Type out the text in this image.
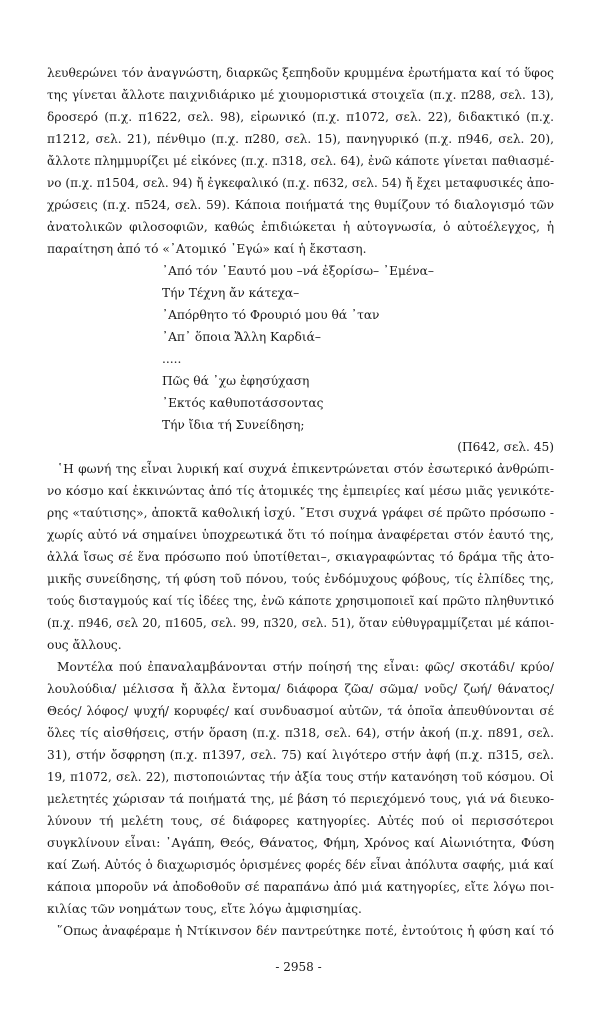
λευθερώνει τόν ἀναγνώστη, διαρκῶς ξεπηδοῦν κρυμμένα ἐρωτήματα καί τό ὕφος
της γίνεται ἄλλοτε παιχνιδιάρικο μέ χιουμοριστικά στοιχεῖα (π.χ. π288, σελ. 13),
δροσερό (π.χ. π1622, σελ. 98), εἰρωνικό (π.χ. π1072, σελ. 22), διδακτικό (π.χ.
π1212, σελ. 21), πένθιμο (π.χ. π280, σελ. 15), πανηγυρικό (π.χ. π946, σελ. 20),
ἄλλοτε πλημμυρίζει μέ εἰκόνες (π.χ. π318, σελ. 64), ἐνῶ κάποτε γίνεται παθιασμέ-
νο (π.χ. π1504, σελ. 94) ἤ ἐγκεφαλικό (π.χ. π632, σελ. 54) ἤ ἔχει μεταφυσικές ἀπο-
χρώσεις (π.χ. π524, σελ. 59). Κάποια ποιήματά της θυμίζουν τό διαλογισμό τῶν
ἀνατολικῶν φιλοσοφιῶν, καθώς ἐπιδιώκεται ἡ αὐτογνωσία, ὁ αὐτοέλεγχος, ἡ
παραίτηση ἀπό τό «᾿Ατομικό ᾿Εγώ» καί ἡ ἔκσταση.
᾿Από τόν ῾Εαυτό μου –νά ἐξορίσω– ᾿Εμένα–
Τήν Τέχνη ἄν κάτεχα–
᾿Απόρθητο τό Φρουριό μου θά ᾿ταν
᾿Απ᾿ ὅποια Ἄλλη Καρδιά–
.....
Πῶς θά ᾿χω ἐφησύχαση
᾿Εκτός καθυποτάσσοντας
Τήν ἴδια τή Συνείδηση;
(Π642, σελ. 45)
῾Η φωνή της εἶναι λυρική καί συχνά ἐπικεντρώνεται στόν ἐσωτερικό ἀνθρώπι-
νο κόσμο καί ἐκκινώντας ἀπό τίς ἀτομικές της ἐμπειρίες καί μέσω μιᾶς γενικότε-
ρης «ταύτισης», ἀποκτᾶ καθολική ἰσχύ. ῎Ετσι συχνά γράφει σέ πρῶτο πρόσωπο -
χωρίς αὐτό νά σημαίνει ὑποχρεωτικά ὅτι τό ποίημα ἀναφέρεται στόν ἑαυτό της,
ἀλλά ἴσως σέ ἕνα πρόσωπο πού ὑποτίθεται–, σκιαγραφώντας τό δράμα τῆς ἀτο-
μικῆς συνείδησης, τή φύση τοῦ πόνου, τούς ἐνδόμυχους φόβους, τίς ἐλπίδες της,
τούς δισταγμούς καί τίς ἰδέες της, ἐνῶ κάποτε χρησιμοποιεῖ καί πρῶτο πληθυντικό
(π.χ. π946, σελ 20, π1605, σελ. 99, π320, σελ. 51), ὅταν εὐθυγραμμίζεται μέ κάποι-
ους ἄλλους.
Μοντέλα πού ἐπαναλαμβάνονται στήν ποίησή της εἶναι: φῶς/ σκοτάδι/ κρύο/
λουλούδια/ μέλισσα ἤ ἄλλα ἔντομα/ διάφορα ζῶα/ σῶμα/ νοῦς/ ζωή/ θάνατος/
Θεός/ λόφος/ ψυχή/ κορυφές/ καί συνδυασμοί αὐτῶν, τά ὁποῖα ἀπευθύνονται σέ
ὅλες τίς αἰσθήσεις, στήν ὅραση (π.χ. π318, σελ. 64), στήν ἀκοή (π.χ. π891, σελ.
31), στήν ὄσφρηση (π.χ. π1397, σελ. 75) καί λιγότερο στήν ἀφή (π.χ. π315, σελ.
19, π1072, σελ. 22), πιστοποιώντας τήν ἀξία τους στήν κατανόηση τοῦ κόσμου. Οἱ
μελετητές χώρισαν τά ποιήματά της, μέ βάση τό περιεχόμενό τους, γιά νά διευκο-
λύνουν τή μελέτη τους, σέ διάφορες κατηγορίες. Αὐτές πού οἱ περισσότεροι
συγκλίνουν εἶναι: ᾿Αγάπη, Θεός, Θάνατος, Φήμη, Χρόνος καί Αἰωνιότητα, Φύση
καί Ζωή. Αὐτός ὁ διαχωρισμός ὁρισμένες φορές δέν εἶναι ἀπόλυτα σαφής, μιά καί
κάποια μποροῦν νά ἀποδοθοῦν σέ παραπάνω ἀπό μιά κατηγορίες, εἴτε λόγω ποι-
κιλίας τῶν νοημάτων τους, εἴτε λόγω ἀμφισημίας.
῞Οπως ἀναφέραμε ἡ Ντίκινσον δέν παντρεύτηκε ποτέ, ἐντούτοις ἡ φύση καί τό
- 2958 -
